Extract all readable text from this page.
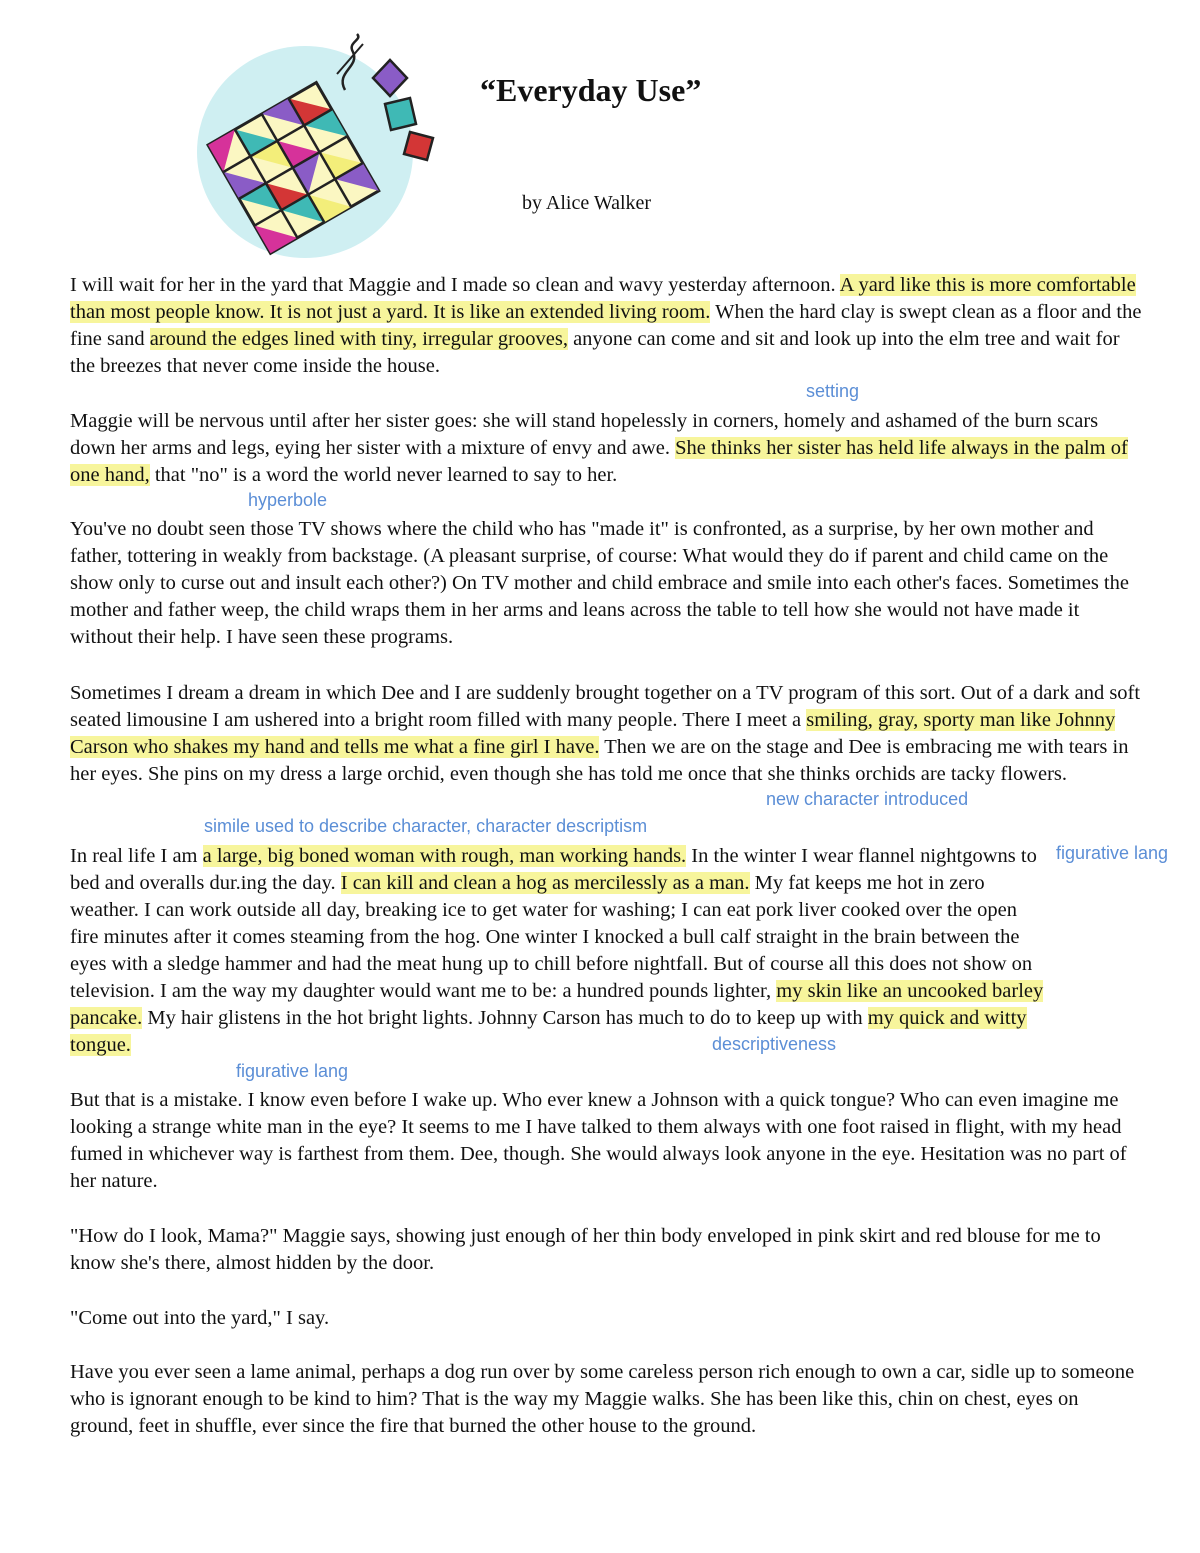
“Everyday Use”
by Alice Walker

I will wait for her in the yard that Maggie and I made so clean and wavy yesterday afternoon. A yard like this is more comfortable than most people know. It is not just a yard. It is like an extended living room. When the hard clay is swept clean as a floor and the fine sand around the edges lined with tiny, irregular grooves, anyone can come and sit and look up into the elm tree and wait for the breezes that never come inside the house.

setting

Maggie will be nervous until after her sister goes: she will stand hopelessly in corners, homely and ashamed of the burn scars down her arms and legs, eying her sister with a mixture of envy and awe. She thinks her sister has held life always in the palm of one hand, that "no" is a word the world never learned to say to her.

hyperbole

You've no doubt seen those TV shows where the child who has "made it" is confronted, as a surprise, by her own mother and father, tottering in weakly from backstage. (A pleasant surprise, of course: What would they do if parent and child came on the show only to curse out and insult each other?) On TV mother and child embrace and smile into each other's faces. Sometimes the mother and father weep, the child wraps them in her arms and leans across the table to tell how she would not have made it without their help. I have seen these programs.

Sometimes I dream a dream in which Dee and I are suddenly brought together on a TV program of this sort. Out of a dark and soft seated limousine I am ushered into a bright room filled with many people. There I meet a smiling, gray, sporty man like Johnny Carson who shakes my hand and tells me what a fine girl I have. Then we are on the stage and Dee is embracing me with tears in her eyes. She pins on my dress a large orchid, even though she has told me once that she thinks orchids are tacky flowers.

new character introduced
simile used to describe character, character descriptism

In real life I am a large, big boned woman with rough, man working hands. In the winter I wear flannel nightgowns to bed and overalls dur.ing the day. I can kill and clean a hog as mercilessly as a man. My fat keeps me hot in zero weather. I can work outside all day, breaking ice to get water for washing; I can eat pork liver cooked over the open fire minutes after it comes steaming from the hog. One winter I knocked a bull calf straight in the brain between the eyes with a sledge hammer and had the meat hung up to chill before nightfall. But of course all this does not show on television. I am the way my daughter would want me to be: a hundred pounds lighter, my skin like an uncooked barley pancake. My hair glistens in the hot bright lights. Johnny Carson has much to do to keep up with my quick and witty tongue.

figurative lang
descriptiveness
figurative lang

But that is a mistake. I know even before I wake up. Who ever knew a Johnson with a quick tongue? Who can even imagine me looking a strange white man in the eye? It seems to me I have talked to them always with one foot raised in flight, with my head fumed in whichever way is farthest from them. Dee, though. She would always look anyone in the eye. Hesitation was no part of her nature.

"How do I look, Mama?" Maggie says, showing just enough of her thin body enveloped in pink skirt and red blouse for me to know she's there, almost hidden by the door.

"Come out into the yard," I say.

Have you ever seen a lame animal, perhaps a dog run over by some careless person rich enough to own a car, sidle up to someone who is ignorant enough to be kind to him? That is the way my Maggie walks. She has been like this, chin on chest, eyes on ground, feet in shuffle, ever since the fire that burned the other house to the ground.
